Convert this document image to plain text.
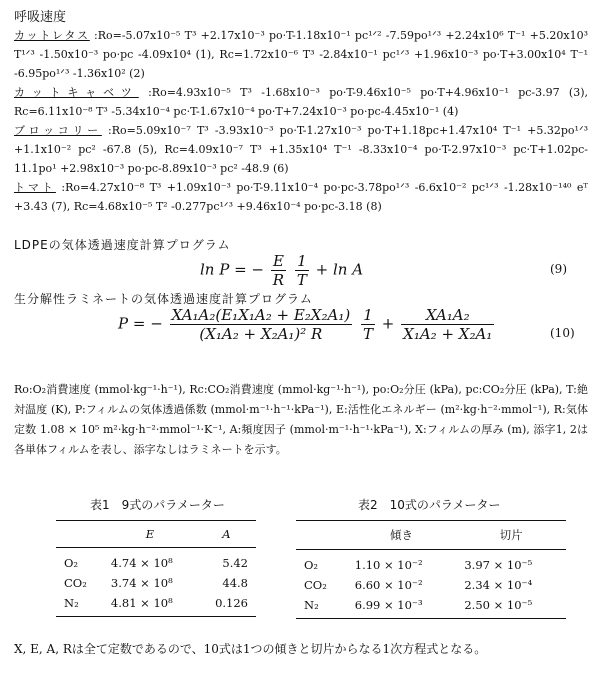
呼吸速度
カットレタス :Ro=-5.07x10⁻⁵ T³ +2.17x10⁻³ po·T-1.18x10⁻¹ pc¹ᐟ² -7.59po¹ᐟ³ +2.24x10⁶ T⁻¹ +5.20x10³ T¹ᐟ³ -1.50x10⁻³ po·pc -4.09x10⁴ (1), Rc=1.72x10⁻⁶ T³ -2.84x10⁻¹ pc¹ᐟ³ +1.96x10⁻³ po·T+3.00x10⁴ T⁻¹ -6.95po¹ᐟ³ -1.36x10² (2)
カットキャベツ :Ro=4.93x10⁻⁵ T³ -1.68x10⁻³ po·T-9.46x10⁻⁵ po·T+4.96x10⁻¹ pc-3.97 (3), Rc=6.11x10⁻⁸ T³ -5.34x10⁻⁴ pc·T-1.67x10⁻⁴ po·T+7.24x10⁻³ po·pc-4.45x10⁻¹ (4)
ブロッコリー :Ro=5.09x10⁻⁷ T³ -3.93x10⁻³ po·T-1.27x10⁻³ po·T+1.18pc+1.47x10⁴ T⁻¹ +5.32po¹ᐟ³ +1.1x10⁻² pc² -67.8 (5), Rc=4.09x10⁻⁷ T³ +1.35x10⁴ T⁻¹ -8.33x10⁻⁴ po·T-2.97x10⁻³ pc·T+1.02pc-11.1po¹ +2.98x10⁻³ po·pc-8.89x10⁻³ pc² -48.9 (6)
トマト :Ro=4.27x10⁻⁸ T³ +1.09x10⁻³ po·T-9.11x10⁻⁴ po·pc-3.78po¹ᐟ³ -6.6x10⁻² pc¹ᐟ³ -1.28x10⁻¹⁴⁰ eᵀ +3.43 (7), Rc=4.68x10⁻⁵ T² -0.277pc¹ᐟ³ +9.46x10⁻⁴ po·pc-3.18 (8)
LDPEの気体透過速度計算プログラム
ln P = − $\frac{E}{R}$
$\frac{1}{T} + \ln A$	(9)
生分解性ラミネートの気体透過速度計算プログラム
P = − $\frac{\text{XA₁A₂(E₁X₁A₂ + E₂X₂A₁)}}{\text{(X₁A₂ + X₂A₁)² R}}$
$\frac{1}{T} + \frac{\text{XA₁A₂}}{\text{X₁A₂ + X₂A₁}}$	(10)
Ro:O₂消費速度 (mmol·kg⁻¹·h⁻¹), Rc:CO₂消費速度 (mmol·kg⁻¹·h⁻¹), po:O₂分圧 (kPa), pc:CO₂分圧 (kPa), T:絶対温度 (K), P:フィルムの気体透過係数 (mmol·m⁻¹·h⁻¹·kPa⁻¹), E:活性化エネルギー (m²·kg·h⁻²·mmol⁻¹), R:気体定数 1.08 × 10⁵ m²·kg·h⁻²·mmol⁻¹·K⁻¹, A:頻度因子 (mmol·m⁻¹·h⁻¹·kPa⁻¹), X:フィルムの厚み (m), 添字1, 2は各単体フィルムを表し、添字なしはラミネートを示す。
表1　9式のパラメーター
	E	A
O₂	4.74 × 10⁸	5.42
CO₂	3.74 × 10⁸	44.8
N₂	4.81 × 10⁸	0.126
表2　10式のパラメーター
	傾き	切片
O₂	1.10 × 10⁻²	3.97 × 10⁻⁵
CO₂	6.60 × 10⁻²	2.34 × 10⁻⁴
N₂	6.99 × 10⁻³	2.50 × 10⁻⁵
X, E, A, Rは全て定数であるので、10式は1つの傾きと切片からなる1次方程式となる。
